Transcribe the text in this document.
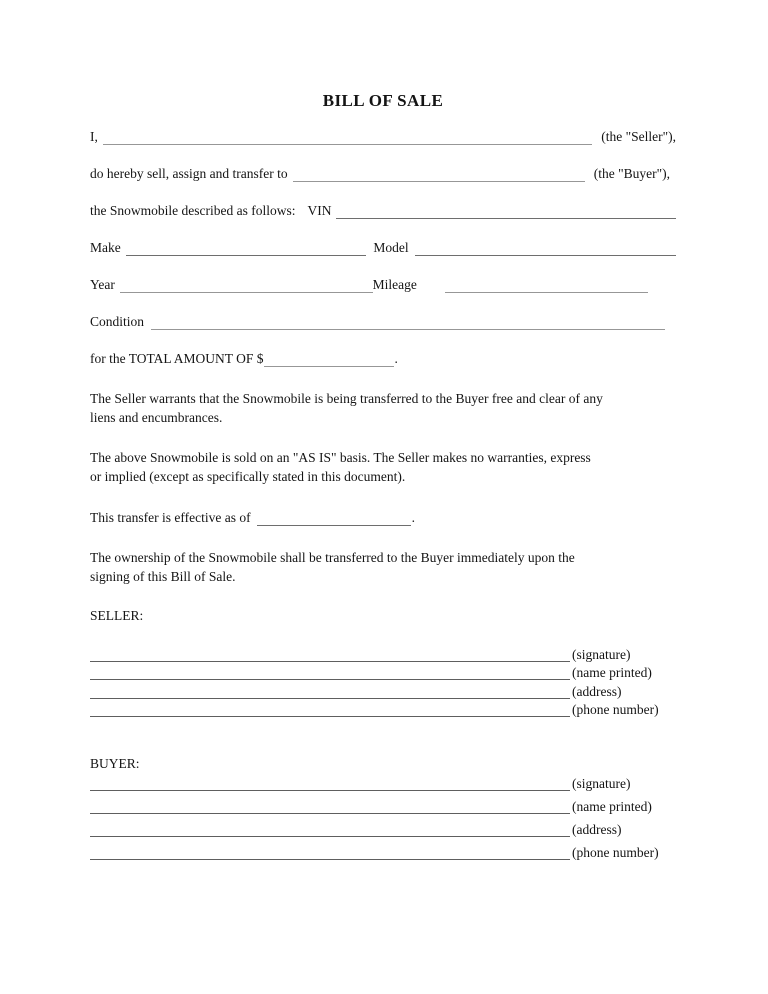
BILL OF SALE
I,	(the "Seller"),
do hereby sell, assign and transfer to	(the "Buyer"),
the Snowmobile described as follows: VIN
Make	Model
Year	Mileage
Condition
for the TOTAL AMOUNT OF $	.
The Seller warrants that the Snowmobile is being transferred to the Buyer free and clear of any
liens and encumbrances.
The above Snowmobile is sold on an "AS IS" basis. The Seller makes no warranties, express
or implied (except as specifically stated in this document).
This transfer is effective as of	.
The ownership of the Snowmobile shall be transferred to the Buyer immediately upon the
signing of this Bill of Sale.
SELLER:
(signature)
(name printed)
(address)
(phone number)
BUYER:
(signature)
(name printed)
(address)
(phone number)
